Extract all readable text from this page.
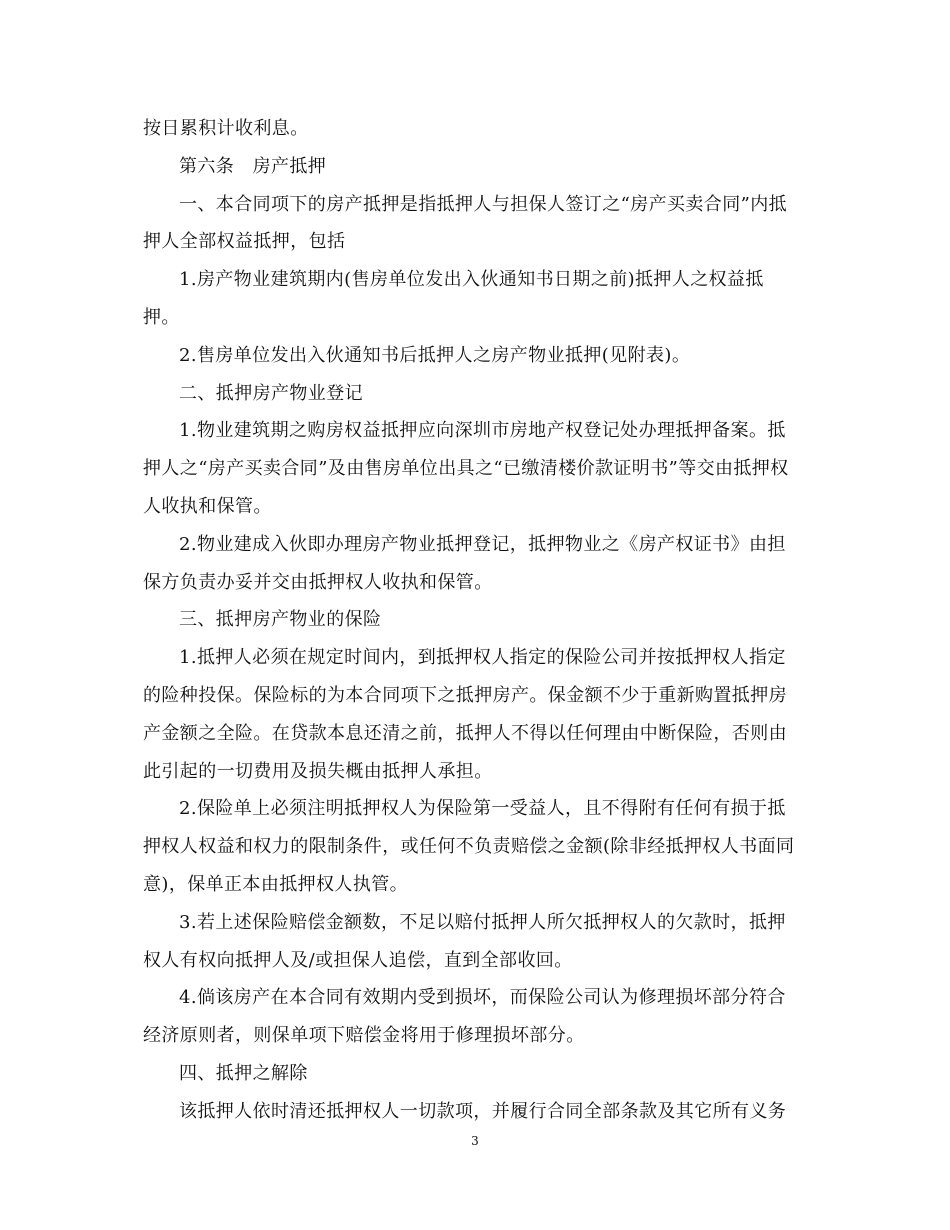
按日累积计收利息。
第六条　房产抵押
一、本合同项下的房产抵押是指抵押人与担保人签订之“房产买卖合同”内抵
押人全部权益抵押，包括
1.房产物业建筑期内(售房单位发出入伙通知书日期之前)抵押人之权益抵
押。
2.售房单位发出入伙通知书后抵押人之房产物业抵押(见附表)。
二、抵押房产物业登记
1.物业建筑期之购房权益抵押应向深圳市房地产权登记处办理抵押备案。抵
押人之“房产买卖合同”及由售房单位出具之“已缴清楼价款证明书”等交由抵押权
人收执和保管。
2.物业建成入伙即办理房产物业抵押登记，抵押物业之《房产权证书》由担
保方负责办妥并交由抵押权人收执和保管。
三、抵押房产物业的保险
1.抵押人必须在规定时间内，到抵押权人指定的保险公司并按抵押权人指定
的险种投保。保险标的为本合同项下之抵押房产。保金额不少于重新购置抵押房
产金额之全险。在贷款本息还清之前，抵押人不得以任何理由中断保险，否则由
此引起的一切费用及损失概由抵押人承担。
2.保险单上必须注明抵押权人为保险第一受益人，且不得附有任何有损于抵
押权人权益和权力的限制条件，或任何不负责赔偿之金额(除非经抵押权人书面同
意)，保单正本由抵押权人执管。
3.若上述保险赔偿金额数，不足以赔付抵押人所欠抵押权人的欠款时，抵押
权人有权向抵押人及/或担保人追偿，直到全部收回。
4.倘该房产在本合同有效期内受到损坏，而保险公司认为修理损坏部分符合
经济原则者，则保单项下赔偿金将用于修理损坏部分。
四、抵押之解除
该抵押人依时清还抵押权人一切款项，并履行合同全部条款及其它所有义务
3
